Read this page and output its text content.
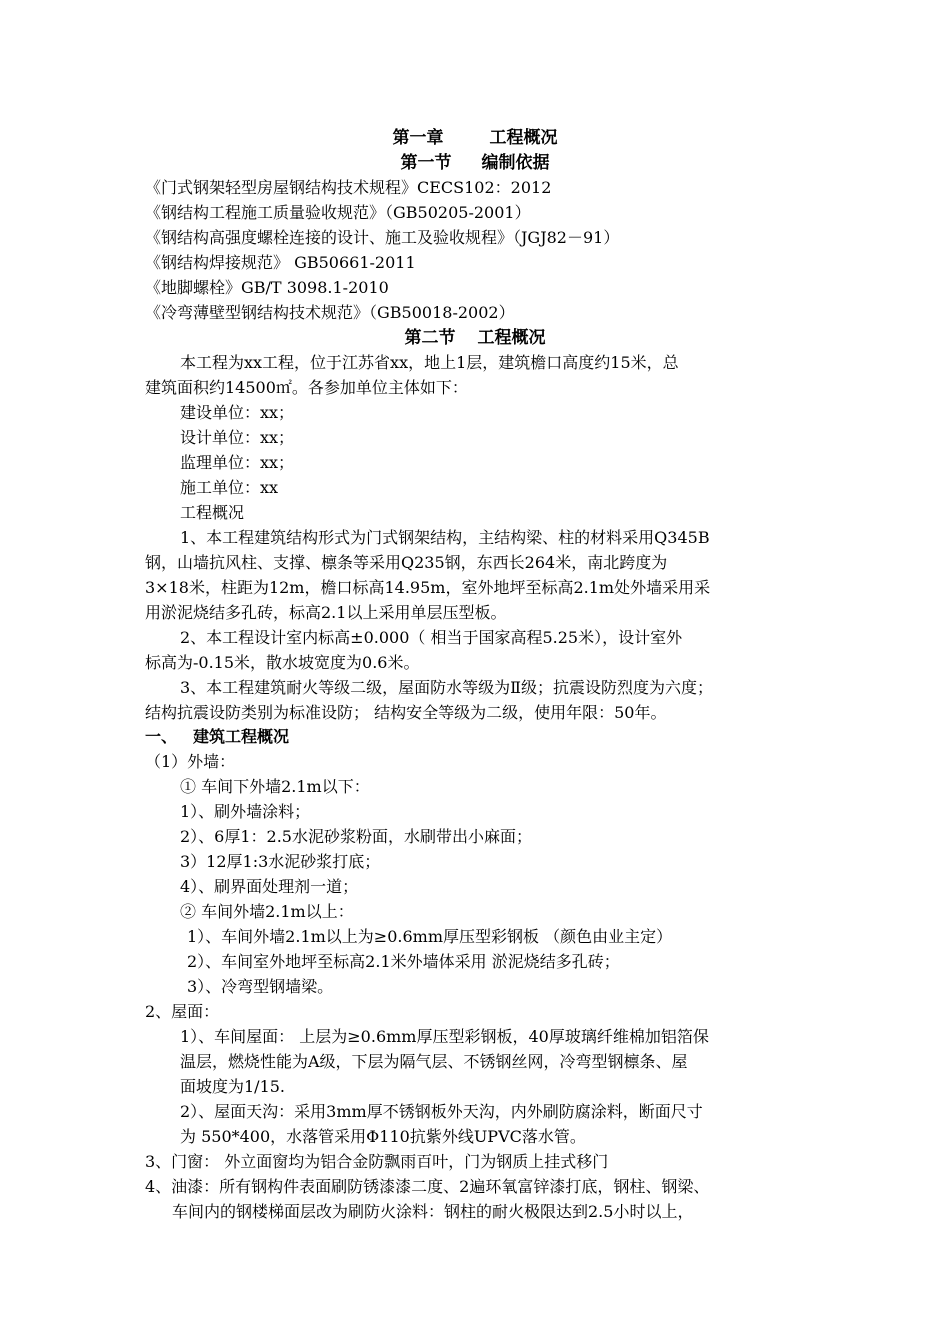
第一章	工程概况
第一节 编制依据
《门式钢架轻型房屋钢结构技术规程》CECS102：2012
《钢结构工程施工质量验收规范》（GB50205-2001）
《钢结构高强度螺栓连接的设计、施工及验收规程》（JGJ82－91）
《钢结构焊接规范》 GB50661-2011
《地脚螺栓》GB/T 3098.1-2010
《冷弯薄壁型钢结构技术规范》（GB50018-2002）
第二节 工程概况
本工程为xx工程，位于江苏省xx，地上1层，建筑檐口高度约15米，总
建筑面积约14500㎡。各参加单位主体如下：
建设单位：xx；
设计单位：xx；
监理单位：xx；
施工单位：xx
工程概况
1、本工程建筑结构形式为门式钢架结构，主结构梁、柱的材料采用Q345B
钢，山墙抗风柱、支撑、檩条等采用Q235钢，东西长264米，南北跨度为
3×18米，柱距为12m，檐口标高14.95m，室外地坪至标高2.1m处外墙采用采
用淤泥烧结多孔砖，标高2.1以上采用单层压型板。
2、本工程设计室内标高±0.000（ 相当于国家高程5.25米），设计室外
标高为-0.15米，散水坡宽度为0.6米。
3、本工程建筑耐火等级二级，屋面防水等级为Ⅱ级；抗震设防烈度为六度；
结构抗震设防类别为标准设防； 结构安全等级为二级，使用年限：50年。
一、 建筑工程概况
（1）外墙：
① 车间下外墙2.1m以下：
1）、刷外墙涂料；
2）、6厚1：2.5水泥砂浆粉面，水刷带出小麻面；
3）12厚1:3水泥砂浆打底；
4）、刷界面处理剂一道；
② 车间外墙2.1m以上：
1）、车间外墙2.1m以上为≥0.6mm厚压型彩钢板 （颜色由业主定）
2）、车间室外地坪至标高2.1米外墙体采用 淤泥烧结多孔砖；
3）、冷弯型钢墙梁。
2、屋面：
1）、车间屋面： 上层为≥0.6mm厚压型彩钢板，40厚玻璃纤维棉加铝箔保
温层，燃烧性能为A级，下层为隔气层、不锈钢丝网，冷弯型钢檩条、屋
面坡度为1/15.
2）、屋面天沟：采用3mm厚不锈钢板外天沟，内外刷防腐涂料，断面尺寸
为 550*400，水落管采用Φ110抗紫外线UPVC落水管。
3、门窗： 外立面窗均为铝合金防飘雨百叶，门为钢质上挂式移门
4、油漆：所有钢构件表面刷防锈漆漆二度、2遍环氧富锌漆打底，钢柱、钢梁、
车间内的钢楼梯面层改为刷防火涂料：钢柱的耐火极限达到2.5小时以上，
